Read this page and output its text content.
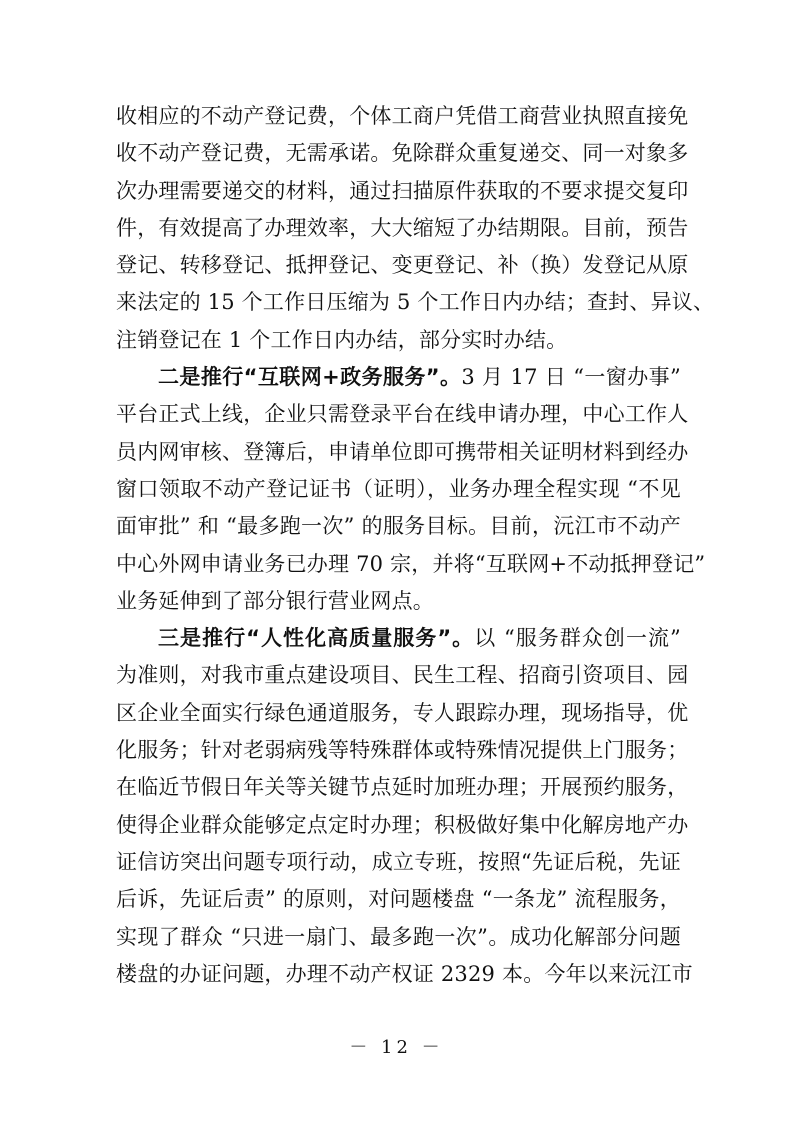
收相应的不动产登记费，个体工商户凭借工商营业执照直接免
收不动产登记费，无需承诺。免除群众重复递交、同一对象多
次办理需要递交的材料，通过扫描原件获取的不要求提交复印
件，有效提高了办理效率，大大缩短了办结期限。目前，预告
登记、转移登记、抵押登记、变更登记、补（换）发登记从原
来法定的 15 个工作日压缩为 5 个工作日内办结；查封、异议、
注销登记在 1 个工作日内办结，部分实时办结。
二是推行“互联网+政务服务”。3 月 17 日 “一窗办事”
平台正式上线，企业只需登录平台在线申请办理，中心工作人
员内网审核、登簿后，申请单位即可携带相关证明材料到经办
窗口领取不动产登记证书（证明），业务办理全程实现 “不见
面审批” 和 “最多跑一次” 的服务目标。目前，沅江市不动产
中心外网申请业务已办理 70 宗，并将“互联网+不动抵押登记”
业务延伸到了部分银行营业网点。
三是推行“人性化高质量服务”。以 “服务群众创一流”
为准则，对我市重点建设项目、民生工程、招商引资项目、园
区企业全面实行绿色通道服务，专人跟踪办理，现场指导，优
化服务；针对老弱病残等特殊群体或特殊情况提供上门服务；
在临近节假日年关等关键节点延时加班办理；开展预约服务，
使得企业群众能够定点定时办理；积极做好集中化解房地产办
证信访突出问题专项行动，成立专班，按照“先证后税，先证
后诉，先证后责” 的原则，对问题楼盘 “一条龙” 流程服务，
实现了群众 “只进一扇门、最多跑一次”。成功化解部分问题
楼盘的办证问题，办理不动产权证 2329 本。今年以来沅江市
－ 12 －
